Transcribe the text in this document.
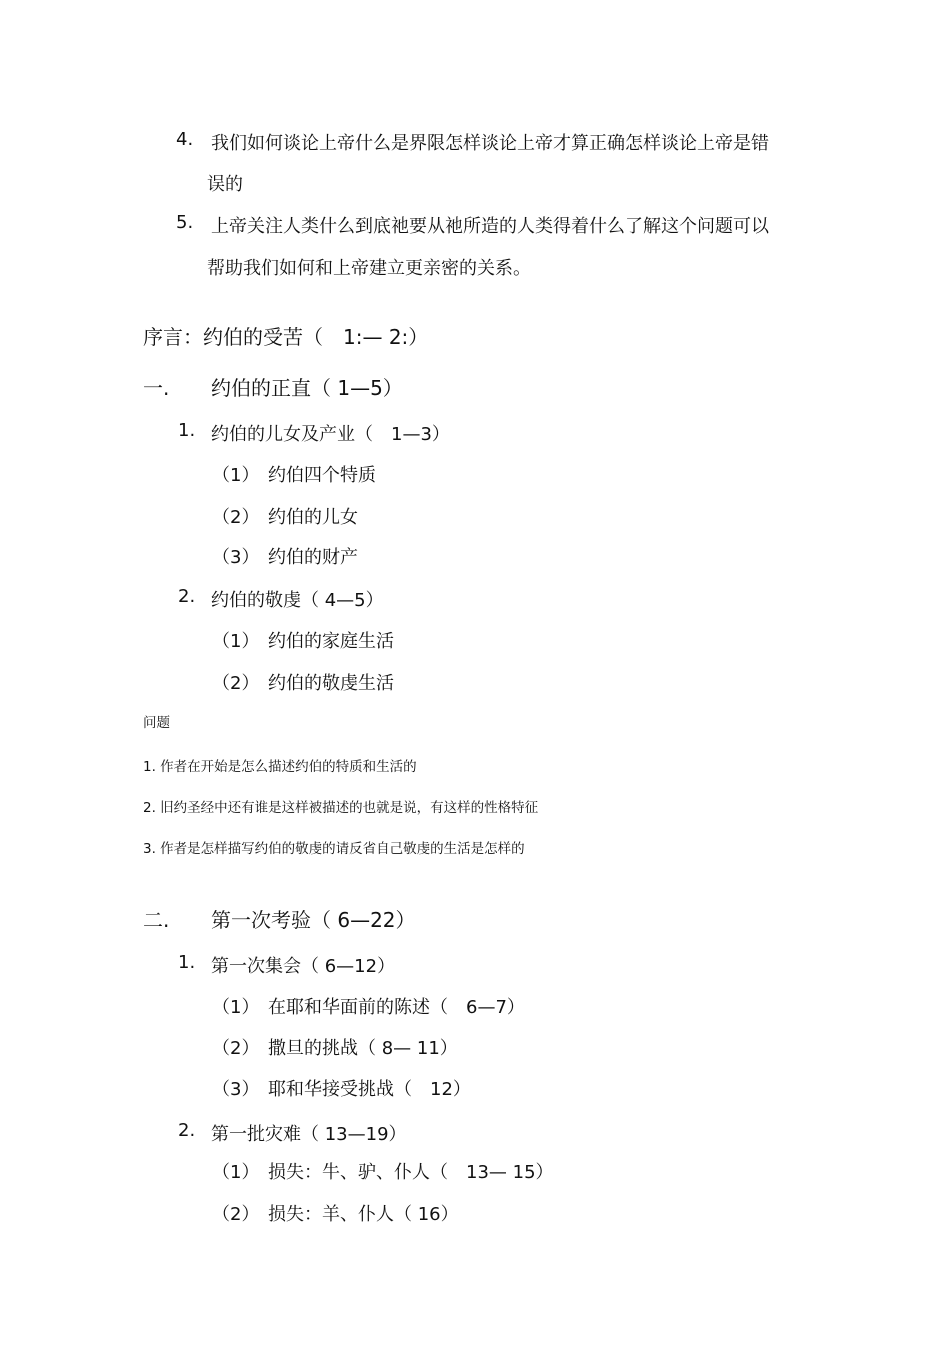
4. 我们如何谈论上帝什么是界限怎样谈论上帝才算正确怎样谈论上帝是错
误的
5. 上帝关注人类什么到底祂要从祂所造的人类得着什么了解这个问题可以
帮助我们如何和上帝建立更亲密的关系。
序言：约伯的受苦（　1:— 2:）
一. 约伯的正直（ 1—5）
1. 约伯的儿女及产业（　1—3）
（1） 约伯四个特质
（2） 约伯的儿女
（3） 约伯的财产
2. 约伯的敬虔（ 4—5）
（1） 约伯的家庭生活
（2） 约伯的敬虔生活
问题
1. 作者在开始是怎么描述约伯的特质和生活的
2. 旧约圣经中还有谁是这样被描述的也就是说，有这样的性格特征
3. 作者是怎样描写约伯的敬虔的请反省自己敬虔的生活是怎样的
二. 第一次考验（ 6—22）
1. 第一次集会（ 6—12）
（1） 在耶和华面前的陈述（　6—7）
（2） 撒旦的挑战（ 8— 11）
（3） 耶和华接受挑战（　12）
2. 第一批灾难（ 13—19）
（1） 损失：牛、驴、仆人（　13— 15）
（2） 损失：羊、仆人（ 16）
